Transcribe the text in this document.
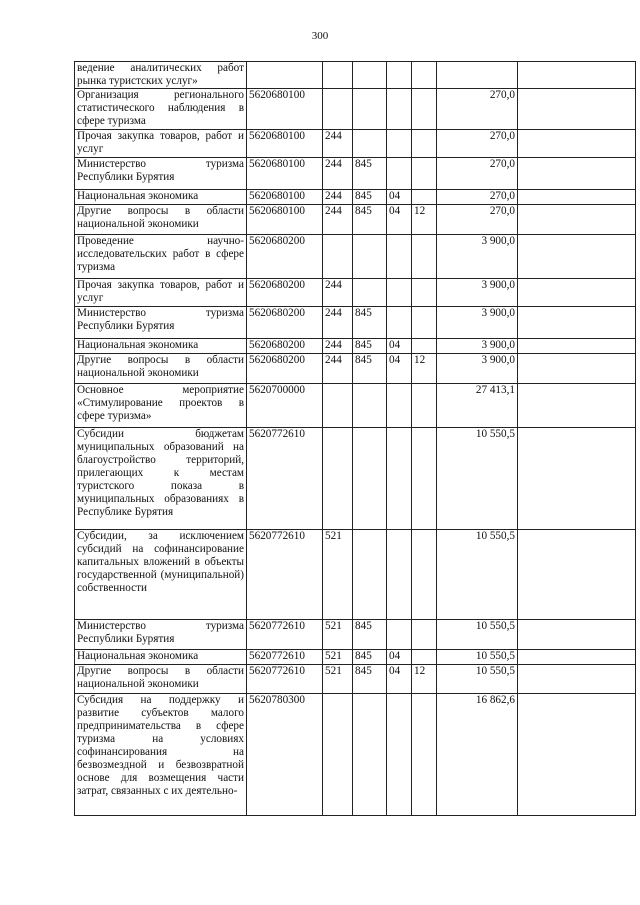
300
ведение аналитических работ рынка туристских услуг»							
Организация регионального статистического наблюдения в сфере туризма	5620680100					270,0	
Прочая закупка товаров, работ и услуг	5620680100	244				270,0	
Министерство туризма Республики Бурятия	5620680100	244	845			270,0	
Национальная экономика	5620680100	244	845	04		270,0	
Другие вопросы в области национальной экономики	5620680100	244	845	04	12	270,0	
Проведение научно-исследовательских работ в сфере туризма	5620680200					3 900,0	
Прочая закупка товаров, работ и услуг	5620680200	244				3 900,0	
Министерство туризма Республики Бурятия	5620680200	244	845			3 900,0	
Национальная экономика	5620680200	244	845	04		3 900,0	
Другие вопросы в области национальной экономики	5620680200	244	845	04	12	3 900,0	
Основное мероприятие «Стимулирование проектов в сфере туризма»	5620700000					27 413,1	
Субсидии бюджетам муниципальных образований на благоустройство территорий, прилегающих к местам туристского показа в муниципальных образованиях в Республике Бурятия	5620772610					10 550,5	
Субсидии, за исключением субсидий на софинансирование капитальных вложений в объекты государственной (муниципальной) собственности	5620772610	521				10 550,5	
Министерство туризма Республики Бурятия	5620772610	521	845			10 550,5	
Национальная экономика	5620772610	521	845	04		10 550,5	
Другие вопросы в области национальной экономики	5620772610	521	845	04	12	10 550,5	
Субсидия на поддержку и развитие субъектов малого предпринимательства в сфере туризма на условиях софинансирования на безвозмездной и безвозвратной основе для возмещения части затрат, связанных с их деятельно-	5620780300					16 862,6	
